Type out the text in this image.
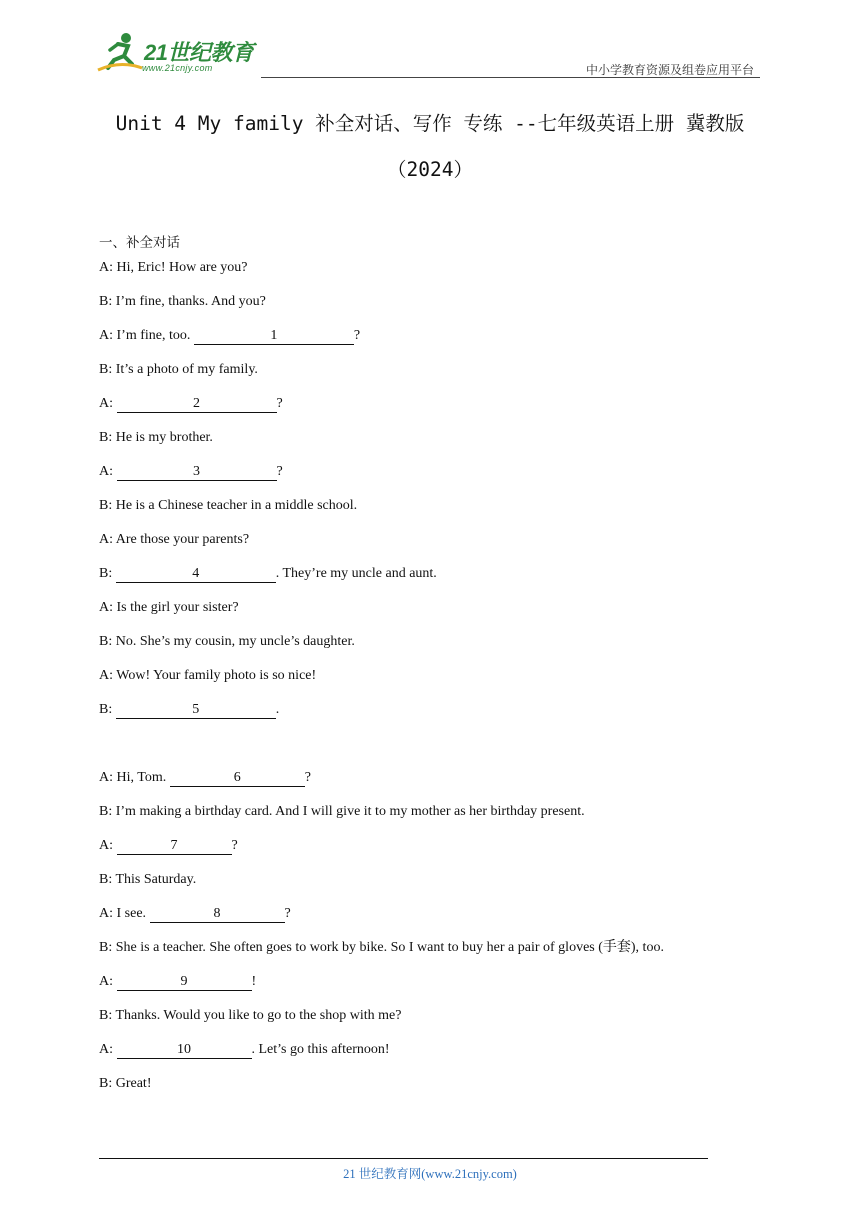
21世纪教育
www.21cnjy.com	中小学教育资源及组卷应用平台
Unit 4 My family 补全对话、写作 专练 --七年级英语上册 冀教版
（2024）
一、补全对话
A: Hi, Eric! How are you?
B: I’m fine, thanks. And you?
A: I’m fine, too.	1	?
B: It’s a photo of my family.
A:	2	?
B: He is my brother.
A:	3	?
B: He is a Chinese teacher in a middle school.
A: Are those your parents?
B:	4	. They’re my uncle and aunt.
A: Is the girl your sister?
B: No. She’s my cousin, my uncle’s daughter.
A: Wow! Your family photo is so nice!
B:	5	.
A: Hi, Tom.	6	?
B: I’m making a birthday card. And I will give it to my mother as her birthday present.
A:	7	?
B: This Saturday.
A: I see.	8	?
B: She is a teacher. She often goes to work by bike. So I want to buy her a pair of gloves (手套), too.
A:	9	!
B: Thanks. Would you like to go to the shop with me?
A:	10	. Let’s go this afternoon!
B: Great!
21 世纪教育网(www.21cnjy.com)
